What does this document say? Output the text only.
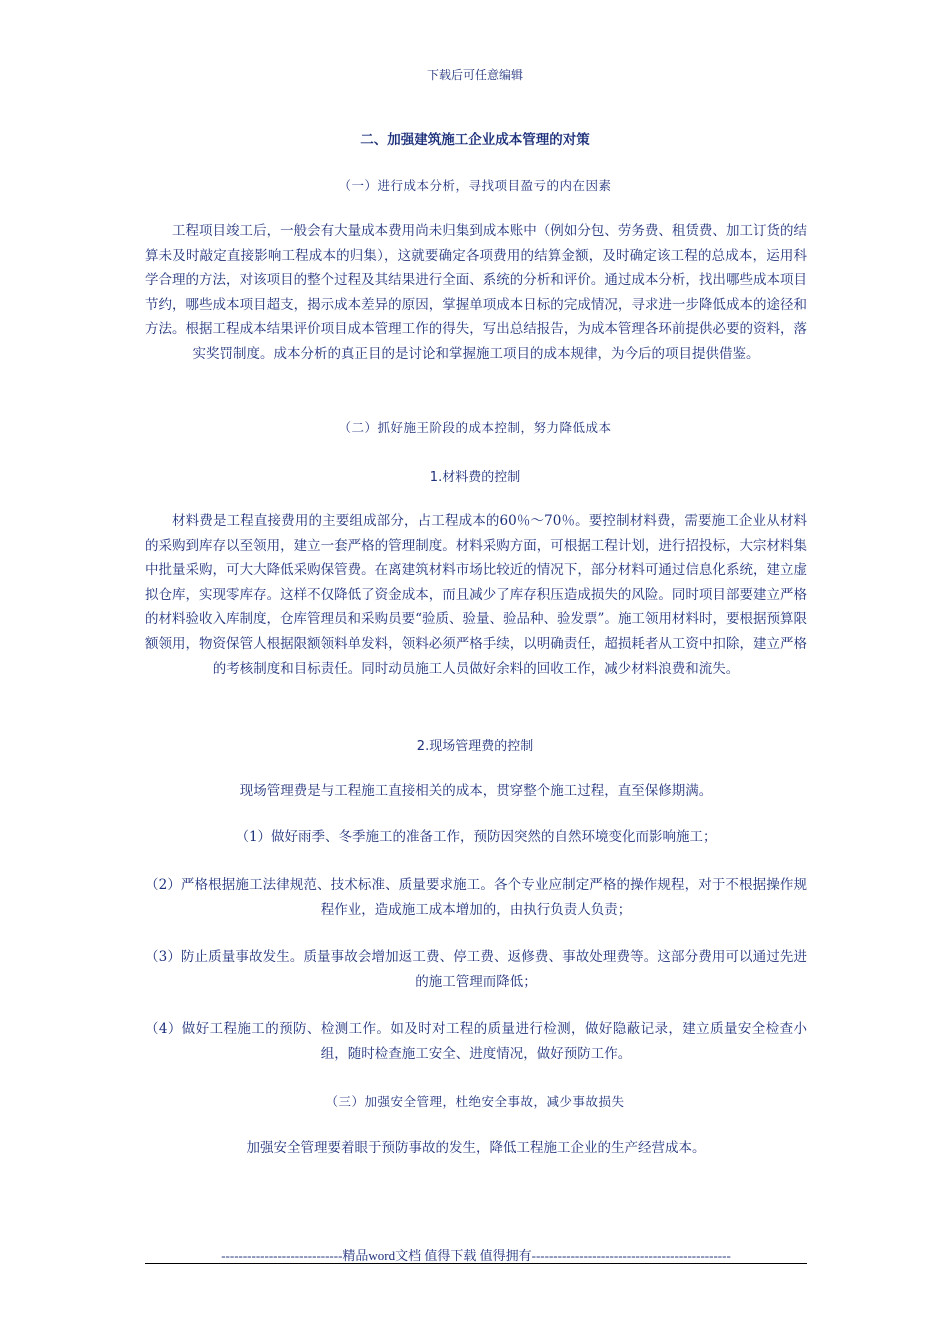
下载后可任意编辑
二、加强建筑施工企业成本管理的对策
（一）进行成本分析，寻找项目盈亏的内在因素
工程项目竣工后，一般会有大量成本费用尚未归集到成本账中（例如分包、劳务费、租赁费、加工订货的结算未及时敲定直接影响工程成本的归集），这就要确定各项费用的结算金额，及时确定该工程的总成本，运用科学合理的方法，对该项目的整个过程及其结果进行全面、系统的分析和评价。通过成本分析，找出哪些成本项目节约，哪些成本项目超支，揭示成本差异的原因，掌握单项成本日标的完成情况，寻求进一步降低成本的途径和方法。根据工程成本结果评价项目成本管理工作的得失，写出总结报告，为成本管理各环前提供必要的资料，落实奖罚制度。成本分析的真正目的是讨论和掌握施工项目的成本规律，为今后的项目提供借鉴。
（二）抓好施王阶段的成本控制，努力降低成本
1.材料费的控制
材料费是工程直接费用的主要组成部分，占工程成本的60％～70％。要控制材料费，需要施工企业从材料的采购到库存以至领用，建立一套严格的管理制度。材料采购方面，可根据工程计划，进行招投标，大宗材料集中批量采购，可大大降低采购保管费。在离建筑材料市场比较近的情况下，部分材料可通过信息化系统，建立虚拟仓库，实现零库存。这样不仅降低了资金成本，而且减少了库存积压造成损失的风险。同时项目部要建立严格的材料验收入库制度，仓库管理员和采购员要“验质、验量、验品种、验发票”。施工领用材料时，要根据预算限额领用，物资保管人根据限额领料单发料，领料必须严格手续，以明确责任，超损耗者从工资中扣除，建立严格的考核制度和目标责任。同时动员施工人员做好余料的回收工作，减少材料浪费和流失。
2.现场管理费的控制
现场管理费是与工程施工直接相关的成本，贯穿整个施工过程，直至保修期满。
（1）做好雨季、冬季施工的准备工作，预防因突然的自然环境变化而影响施工；
（2）严格根据施工法律规范、技术标准、质量要求施工。各个专业应制定严格的操作规程，对于不根据操作规程作业，造成施工成本增加的，由执行负责人负责；
（3）防止质量事故发生。质量事故会增加返工费、停工费、返修费、事故处理费等。这部分费用可以通过先进的施工管理而降低；
（4）做好工程施工的预防、检测工作。如及时对工程的质量进行检测，做好隐蔽记录，建立质量安全检查小组，随时检查施工安全、进度情况，做好预防工作。
（三）加强安全管理，杜绝安全事故，减少事故损失
加强安全管理要着眼于预防事故的发生，降低工程施工企业的生产经营成本。
----------------------------精品word文档 值得下载 值得拥有----------------------------------------------
